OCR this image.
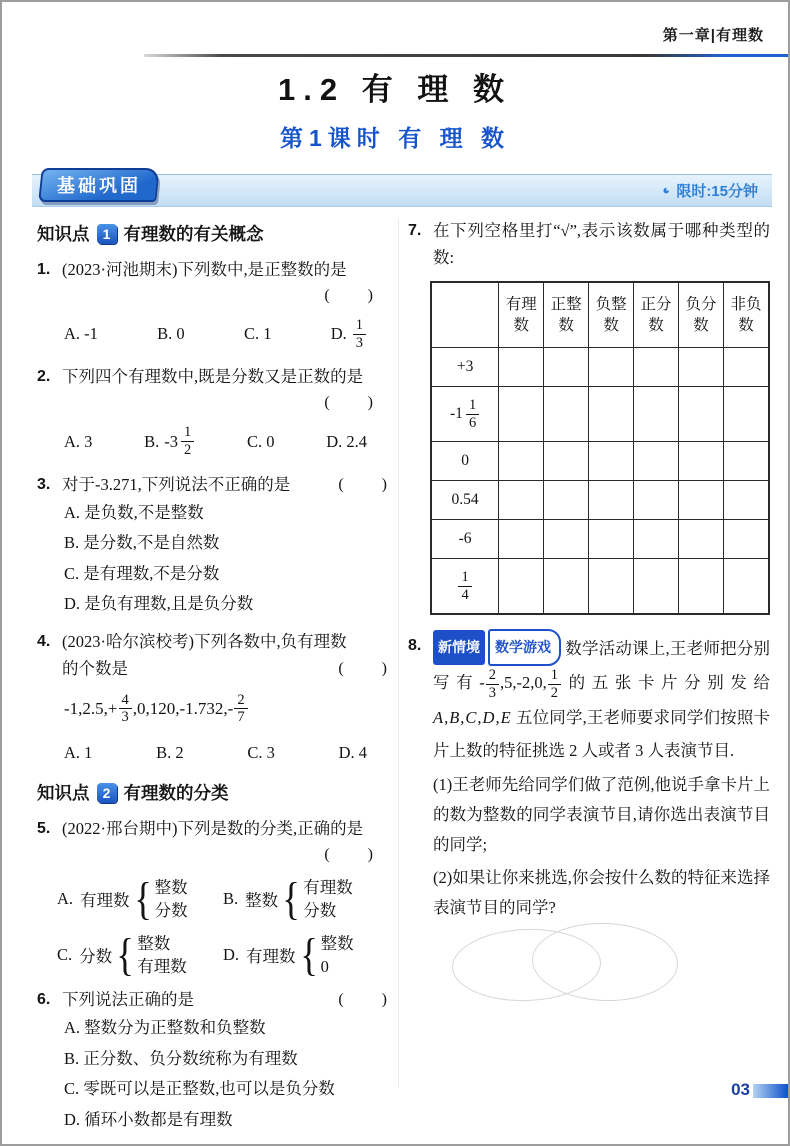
第一章|有理数
1.2 有 理 数
第1课时 有 理 数
基础巩固	◕ 限时:15分钟
知识点 1 有理数的有关概念
1. (2023·河池期末)下列数中,是正整数的是
(　　)
A. -1	B. 0	C. 1	D. $\frac{1}{3}$
2. 下列四个有理数中,既是分数又是正数的是
(　　)
A. 3	B. $-3 \frac{1}{2}$	C. 0	D. 2.4
3. 对于-3.271,下列说法不正确的是	(　　)
A. 是负数,不是整数
B. 是分数,不是自然数
C. 是有理数,不是分数
D. 是负有理数,且是负分数
4. (2023·哈尔滨校考)下列各数中,负有理数
的个数是	(　　)
$-1,2.5,+ \frac{4}{3} ,0,120,-1.732,- \frac{2}{7}$
A. 1	B. 2	C. 3	D. 4
知识点 2 有理数的分类
5. (2022·邢台期中)下列是数的分类,正确的是
(　　)
A. 有理数 { 整数
分数
B. 整数 { 有理数
分数
C. 分数 { 整数
有理数
D. 有理数 { 整数
0
6. 下列说法正确的是	(　　)
A. 整数分为正整数和负整数
B. 正分数、负分数统称为有理数
C. 零既可以是正整数,也可以是负分数
D. 循环小数都是有理数
7. 在下列空格里打“√”,表示该数属于哪种类型的数:
	有理数	正整数	负整数	正分数	负分数	非负数
+3						

$-1 \frac{1}{6}$

0						
0.54						
-6						

$\frac{1}{4}$

8.	新情境 数学游戏 数学活动课上,王老师把分别写有- $\frac{2}{3} ,5,-2,0$, $\frac{1}{2}$ 的五张卡片分别发给A,B,C,D,E 五位同学,王老师要求同学们按照卡片上数的特征挑选 2 人或者 3 人表演节目.
(1)王老师先给同学们做了范例,他说手拿卡片上的数为整数的同学表演节目,请你选出表演节目的同学;
(2)如果让你来挑选,你会按什么数的特征来选择表演节目的同学?
03
